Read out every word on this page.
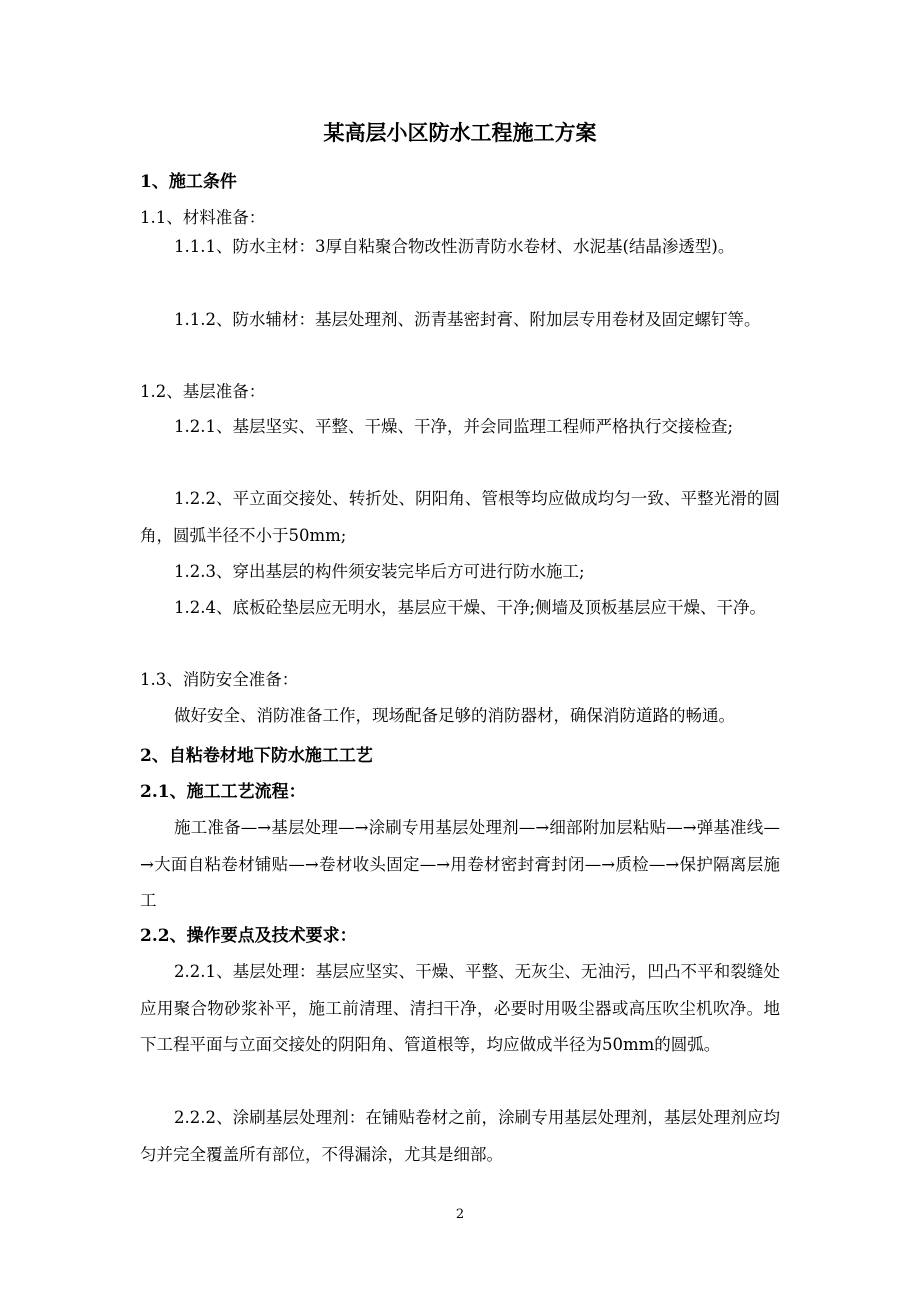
某高层小区防水工程施工方案
1、施工条件
1.1、材料准备：
1.1.1、防水主材：3厚自粘聚合物改性沥青防水卷材、水泥基(结晶渗透型)。
1.1.2、防水辅材：基层处理剂、沥青基密封膏、附加层专用卷材及固定螺钉等。
1.2、基层准备：
1.2.1、基层坚实、平整、干燥、干净，并会同监理工程师严格执行交接检查;
1.2.2、平立面交接处、转折处、阴阳角、管根等均应做成均匀一致、平整光滑的圆角，圆弧半径不小于50mm;
1.2.3、穿出基层的构件须安装完毕后方可进行防水施工;
1.2.4、底板砼垫层应无明水，基层应干燥、干净;侧墙及顶板基层应干燥、干净。
1.3、消防安全准备：
做好安全、消防准备工作，现场配备足够的消防器材，确保消防道路的畅通。
2、自粘卷材地下防水施工工艺
2.1、施工工艺流程：
施工准备—→基层处理—→涂刷专用基层处理剂—→细部附加层粘贴—→弹基准线—→大面自粘卷材铺贴—→卷材收头固定—→用卷材密封膏封闭—→质检—→保护隔离层施工
2.2、操作要点及技术要求：
2.2.1、基层处理：基层应坚实、干燥、平整、无灰尘、无油污，凹凸不平和裂缝处应用聚合物砂浆补平，施工前清理、清扫干净，必要时用吸尘器或高压吹尘机吹净。地下工程平面与立面交接处的阴阳角、管道根等，均应做成半径为50mm的圆弧。
2.2.2、涂刷基层处理剂：在铺贴卷材之前，涂刷专用基层处理剂，基层处理剂应均匀并完全覆盖所有部位，不得漏涂，尤其是细部。
2
